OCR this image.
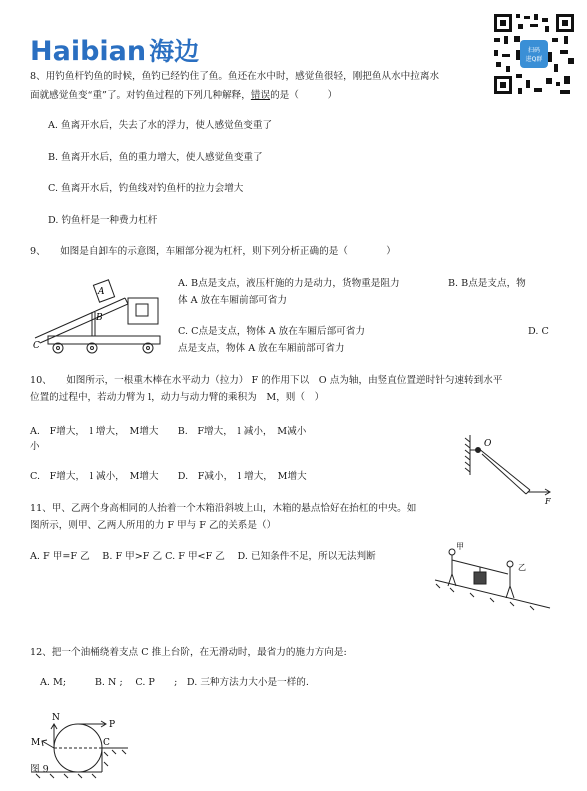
Haibian 海边	扫码
进Q群
8、用钓鱼杆钓鱼的时候，鱼钓已经钓住了鱼。鱼还在水中时，感觉鱼很轻，刚把鱼从水中拉离水
面就感觉鱼变“重”了。对钓鱼过程的下列几种解释，错误的是（　　　）
A. 鱼离开水后，失去了水的浮力，使人感觉鱼变重了
B. 鱼离开水后，鱼的重力增大，使人感觉鱼变重了
C. 鱼离开水后，钓鱼线对钓鱼杆的拉力会增大
D. 钓鱼杆是一种费力杠杆
9、　　如图是自卸车的示意图，车厢部分视为杠杆，则下列分析正确的是（　　　　）
A
B
C
A. B点是支点，液压杆施的力是动力，货物重是阻力	B. B点是支点，物
体 A 放在车厢前部可省力
C. C点是支点，物体 A 放在车厢后部可省力	D. C
点是支点，物体 A 放在车厢前部可省力
10、　　如图所示，一根重木棒在水平动力（拉力） F 的作用下以　O 点为轴，由竖直位置逆时针匀速转到水平
位置的过程中，若动力臂为 l，动力与动力臂的乘积为　M，则（　）
A.　F增大，　l 增大，　M增大　　B.　F增大，　l 减小，　M减小
小
C.　F增大，　l 减小，　M增大　　D.　F减小，　l 增大，　M增大
O
F
11、甲、乙两个身高相同的人抬着一个木箱沿斜坡上山，木箱的悬点恰好在抬杠的中央。如
图所示，则甲、乙两人所用的力 F 甲与 F 乙的关系是（）
A. F 甲=F 乙　 B. F 甲>F 乙 C. F 甲<F 乙　 D. 已知条件不足，所以无法判断
甲
乙
12、把一个油桶绕着支点 C 推上台阶，在无滑动时，最省力的施力方向是:
A. M;　　　B. N ;　 C. P　　;　D. 三种方法力大小是一样的.
N
P
M	C
图 9
